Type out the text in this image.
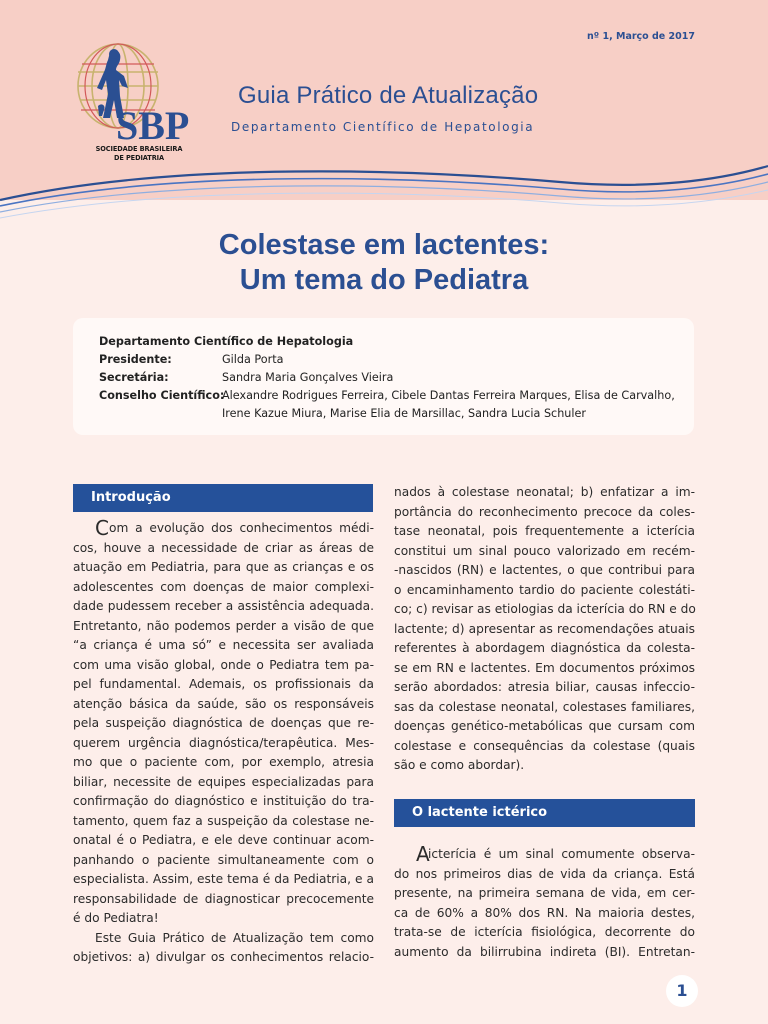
nº 1, Março de 2017
SBP
SOCIEDADE BRASILEIRA
DE PEDIATRIA
Guia Prático de Atualização
Departamento Científico de Hepatologia
Colestase em lactentes:
Um tema do Pediatra
Departamento Científico de Hepatologia
Presidente:	Gilda Porta
Secretária:	Sandra Maria Gonçalves Vieira
Conselho Científico:
Alexandre Rodrigues Ferreira, Cibele Dantas Ferreira Marques, Elisa de Carvalho,
Irene Kazue Miura, Marise Elia de Marsillac, Sandra Lucia Schuler
Introdução
C om a evolução dos conhecimentos médi-
cos, houve a necessidade de criar as áreas de
atuação em Pediatria, para que as crianças e os
adolescentes com doenças de maior complexi-
dade pudessem receber a assistência adequada.
Entretanto, não podemos perder a visão de que
“a criança é uma só” e necessita ser avaliada
com uma visão global, onde o Pediatra tem pa-
pel fundamental. Ademais, os profissionais da
atenção básica da saúde, são os responsáveis
pela suspeição diagnóstica de doenças que re-
querem urgência diagnóstica/terapêutica. Mes-
mo que o paciente com, por exemplo, atresia
biliar, necessite de equipes especializadas para
confirmação do diagnóstico e instituição do tra-
tamento, quem faz a suspeição da colestase ne-
onatal é o Pediatra, e ele deve continuar acom-
panhando o paciente simultaneamente com o
especialista. Assim, este tema é da Pediatria, e a
responsabilidade de diagnosticar precocemente
é do Pediatra!
Este Guia Prático de Atualização tem como
objetivos: a) divulgar os conhecimentos relacio-
O lactente ictérico
nados à colestase neonatal; b) enfatizar a im-
portância do reconhecimento precoce da coles-
tase neonatal, pois frequentemente a icterícia
constitui um sinal pouco valorizado em recém-
-nascidos (RN) e lactentes, o que contribui para
o encaminhamento tardio do paciente colestáti-
co; c) revisar as etiologias da icterícia do RN e do
lactente; d) apresentar as recomendações atuais
referentes à abordagem diagnóstica da colesta-
se em RN e lactentes. Em documentos próximos
serão abordados: atresia biliar, causas infeccio-
sas da colestase neonatal, colestases familiares,
doenças genético-metabólicas que cursam com
colestase e consequências da colestase (quais
são e como abordar).
A
icterícia é um sinal comumente observa-
do nos primeiros dias de vida da criança. Está
presente, na primeira semana de vida, em cer-
ca de 60% a 80% dos RN. Na maioria destes,
trata-se de icterícia fisiológica, decorrente do
aumento da bilirrubina indireta (BI). Entretan-
1
